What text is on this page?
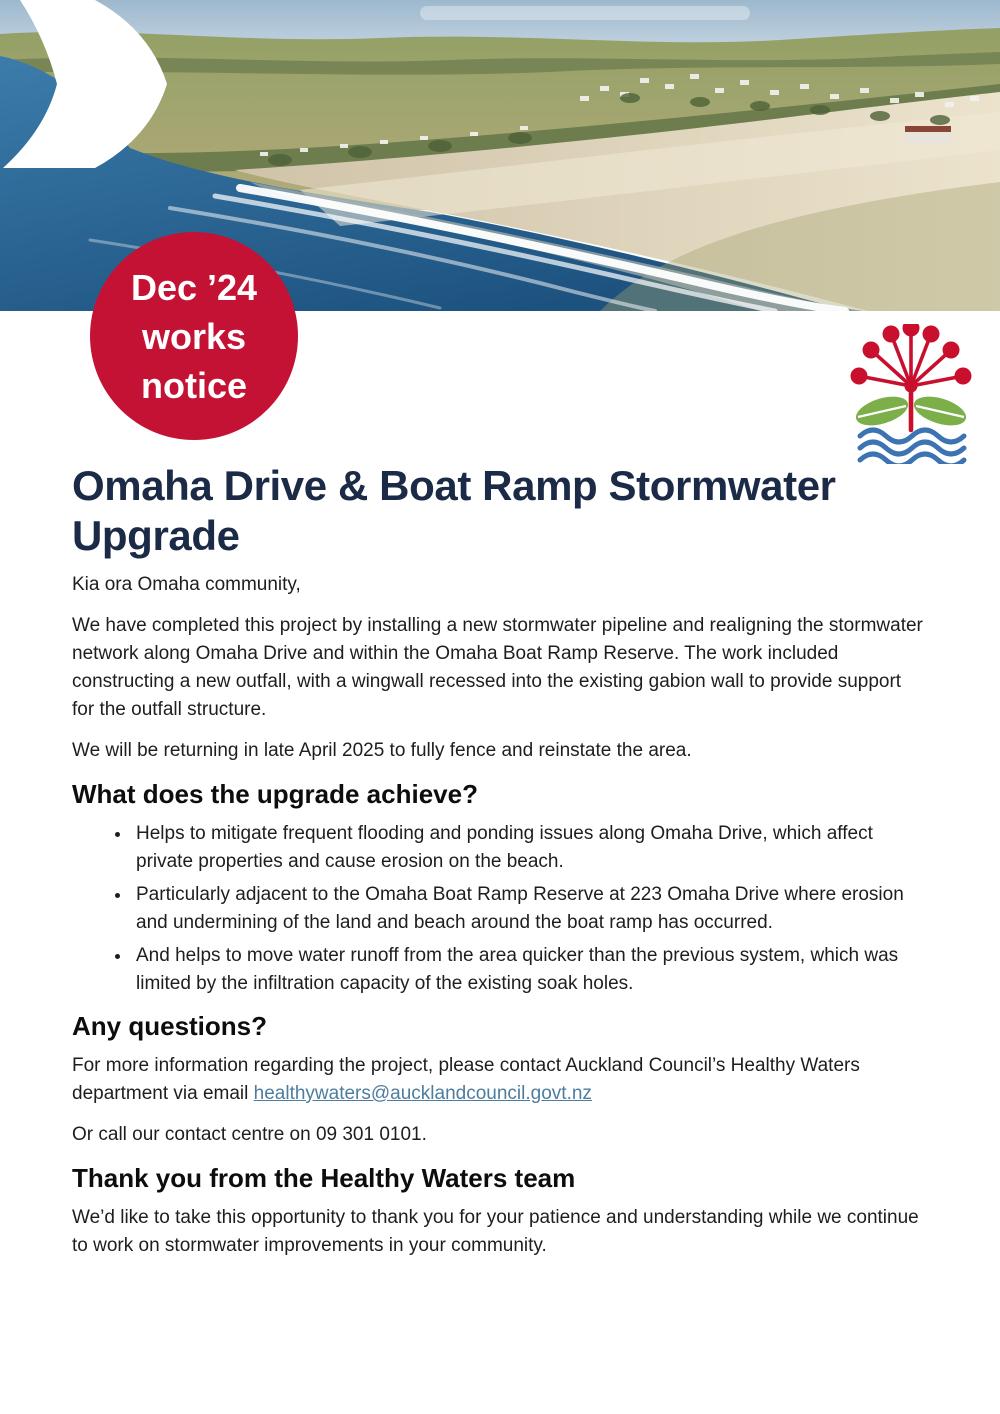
Dec ’24
works
notice
Omaha Drive & Boat Ramp Stormwater Upgrade

Kia ora Omaha community,

We have completed this project by installing a new stormwater pipeline and realigning the stormwater network along Omaha Drive and within the Omaha Boat Ramp Reserve. The work included constructing a new outfall, with a wingwall recessed into the existing gabion wall to provide support for the outfall structure.

We will be returning in late April 2025 to fully fence and reinstate the area.

What does the upgrade achieve?
• Helps to mitigate frequent flooding and ponding issues along Omaha Drive, which affect private properties and cause erosion on the beach.
• Particularly adjacent to the Omaha Boat Ramp Reserve at 223 Omaha Drive where erosion and undermining of the land and beach around the boat ramp has occurred.
• And helps to move water runoff from the area quicker than the previous system, which was limited by the infiltration capacity of the existing soak holes.
Any questions?

For more information regarding the project, please contact Auckland Council’s Healthy Waters department via email healthywaters@aucklandcouncil.govt.nz

Or call our contact centre on 09 301 0101.

Thank you from the Healthy Waters team

We’d like to take this opportunity to thank you for your patience and understanding while we continue to work on stormwater improvements in your community.
